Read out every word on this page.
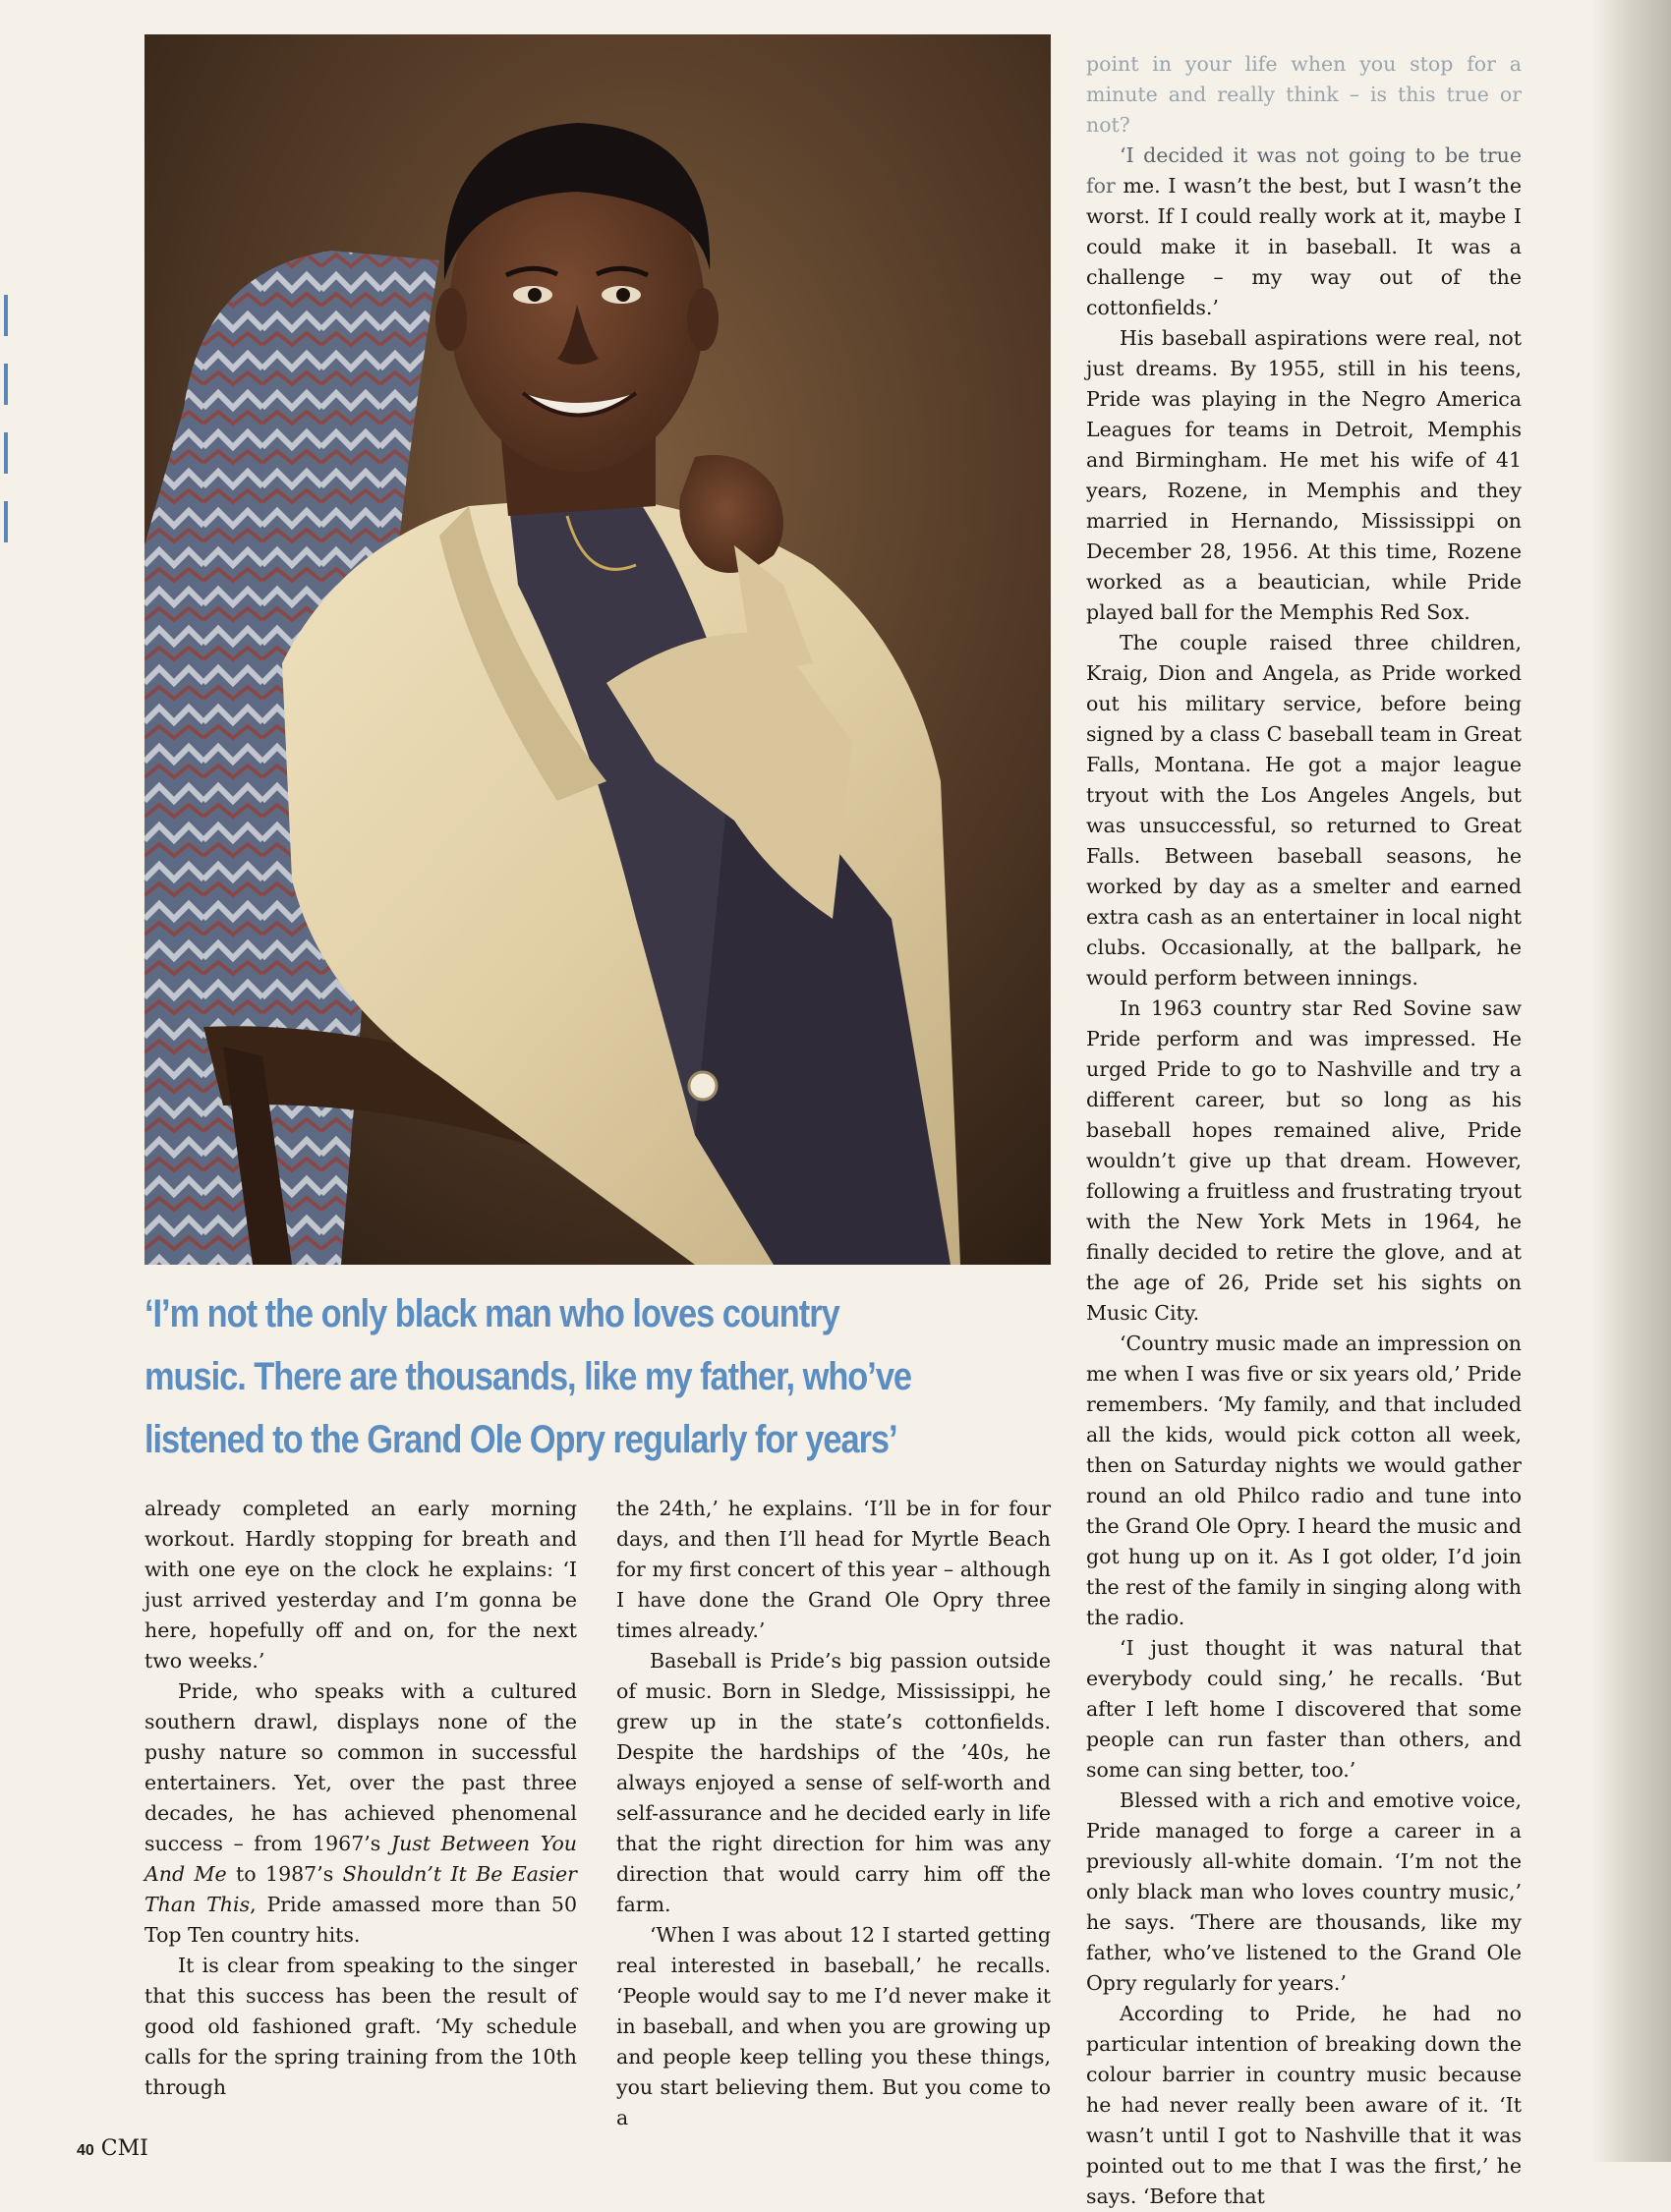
‘I’m not the only black man who loves country music. There are thousands, like my father, who’ve listened to the Grand Ole Opry regularly for years’

already completed an early morning workout. Hardly stopping for breath and with one eye on the clock he explains: ‘I just arrived yesterday and I’m gonna be here, hopefully off and on, for the next two weeks.’

Pride, who speaks with a cultured southern drawl, displays none of the pushy nature so common in successful entertainers. Yet, over the past three decades, he has achieved phenomenal success – from 1967’s Just Between You And Me to 1987’s Shouldn’t It Be Easier Than This, Pride amassed more than 50 Top Ten country hits.

It is clear from speaking to the singer that this success has been the result of good old fashioned graft. ‘My schedule calls for the spring training from the 10th through

the 24th,’ he explains. ‘I’ll be in for four days, and then I’ll head for Myrtle Beach for my first concert of this year – although I have done the Grand Ole Opry three times already.’

Baseball is Pride’s big passion outside of music. Born in Sledge, Mississippi, he grew up in the state’s cottonfields. Despite the hardships of the ’40s, he always enjoyed a sense of self-worth and self-assurance and he decided early in life that the right direction for him was any direction that would carry him off the farm.

‘When I was about 12 I started getting real interested in baseball,’ he recalls. ‘People would say to me I’d never make it in baseball, and when you are growing up and people keep telling you these things, you start believing them. But you come to a

point in your life when you stop for a minute and really think – is this true or not?

‘I decided it was not going to be true for me. I wasn’t the best, but I wasn’t the worst. If I could really work at it, maybe I could make it in baseball. It was a challenge – my way out of the cottonfields.’

His baseball aspirations were real, not just dreams. By 1955, still in his teens, Pride was playing in the Negro America Leagues for teams in Detroit, Memphis and Birmingham. He met his wife of 41 years, Rozene, in Memphis and they married in Hernando, Mississippi on December 28, 1956. At this time, Rozene worked as a beautician, while Pride played ball for the Memphis Red Sox.

The couple raised three children, Kraig, Dion and Angela, as Pride worked out his military service, before being signed by a class C baseball team in Great Falls, Montana. He got a major league tryout with the Los Angeles Angels, but was unsuccessful, so returned to Great Falls. Between baseball seasons, he worked by day as a smelter and earned extra cash as an entertainer in local night clubs. Occasionally, at the ballpark, he would perform between innings.

In 1963 country star Red Sovine saw Pride perform and was impressed. He urged Pride to go to Nashville and try a different career, but so long as his baseball hopes remained alive, Pride wouldn’t give up that dream. However, following a fruitless and frustrating tryout with the New York Mets in 1964, he finally decided to retire the glove, and at the age of 26, Pride set his sights on Music City.

‘Country music made an impression on me when I was five or six years old,’ Pride remembers. ‘My family, and that included all the kids, would pick cotton all week, then on Saturday nights we would gather round an old Philco radio and tune into the Grand Ole Opry. I heard the music and got hung up on it. As I got older, I’d join the rest of the family in singing along with the radio.

‘I just thought it was natural that everybody could sing,’ he recalls. ‘But after I left home I discovered that some people can run faster than others, and some can sing better, too.’

Blessed with a rich and emotive voice, Pride managed to forge a career in a previously all-white domain. ‘I’m not the only black man who loves country music,’ he says. ‘There are thousands, like my father, who’ve listened to the Grand Ole Opry regularly for years.’

According to Pride, he had no particular intention of breaking down the colour barrier in country music because he had never really been aware of it. ‘It wasn’t until I got to Nashville that it was pointed out to me that I was the first,’ he says. ‘Before that

40 CMI
